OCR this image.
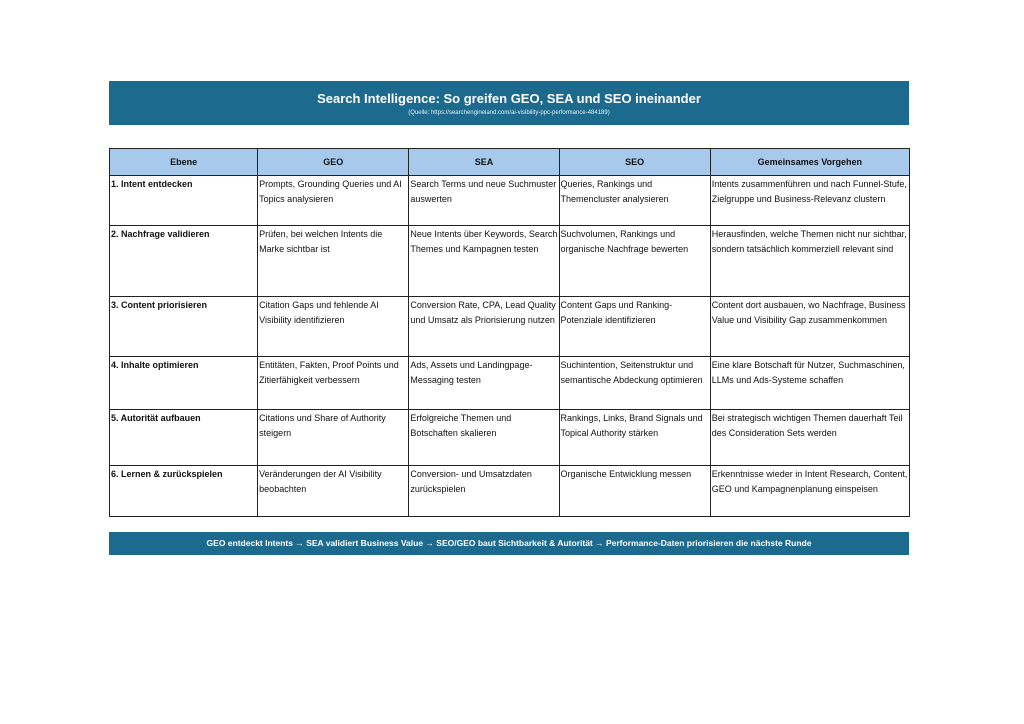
Search Intelligence: So greifen GEO, SEA und SEO ineinander
(Quelle: https://searchengineland.com/ai-visibility-ppc-performance-484189)
Ebene	GEO	SEA	SEO	Gemeinsames Vorgehen
1. Intent entdecken	Prompts, Grounding Queries und AI Topics analysieren	Search Terms und neue Suchmuster auswerten	Queries, Rankings und Themencluster analysieren	Intents zusammenführen und nach Funnel-Stufe, Zielgruppe und Business-Relevanz clustern
2. Nachfrage validieren	Prüfen, bei welchen Intents die Marke sichtbar ist	Neue Intents über Keywords, Search Themes und Kampagnen testen	Suchvolumen, Rankings und organische Nachfrage bewerten	Herausfinden, welche Themen nicht nur sichtbar, sondern tatsächlich kommerziell relevant sind
3. Content priorisieren	Citation Gaps und fehlende AI Visibility identifizieren	Conversion Rate, CPA, Lead Quality und Umsatz als Priorisierung nutzen	Content Gaps und Ranking-Potenziale identifizieren	Content dort ausbauen, wo Nachfrage, Business Value und Visibility Gap zusammenkommen
4. Inhalte optimieren	Entitäten, Fakten, Proof Points und Zitierfähigkeit verbessern	Ads, Assets und Landingpage-Messaging testen	Suchintention, Seitenstruktur und semantische Abdeckung optimieren	Eine klare Botschaft für Nutzer, Suchmaschinen, LLMs und Ads-Systeme schaffen
5. Autorität aufbauen	Citations und Share of Authority steigern	Erfolgreiche Themen und Botschaften skalieren	Rankings, Links, Brand Signals und Topical Authority stärken	Bei strategisch wichtigen Themen dauerhaft Teil des Consideration Sets werden
6. Lernen & zurückspielen	Veränderungen der AI Visibility beobachten	Conversion- und Umsatzdaten zurückspielen	Organische Entwicklung messen	Erkenntnisse wieder in Intent Research, Content, GEO und Kampagnenplanung einspeisen
GEO entdeckt Intents → SEA validiert Business Value → SEO/GEO baut Sichtbarkeit & Autorität → Performance-Daten priorisieren die nächste Runde
